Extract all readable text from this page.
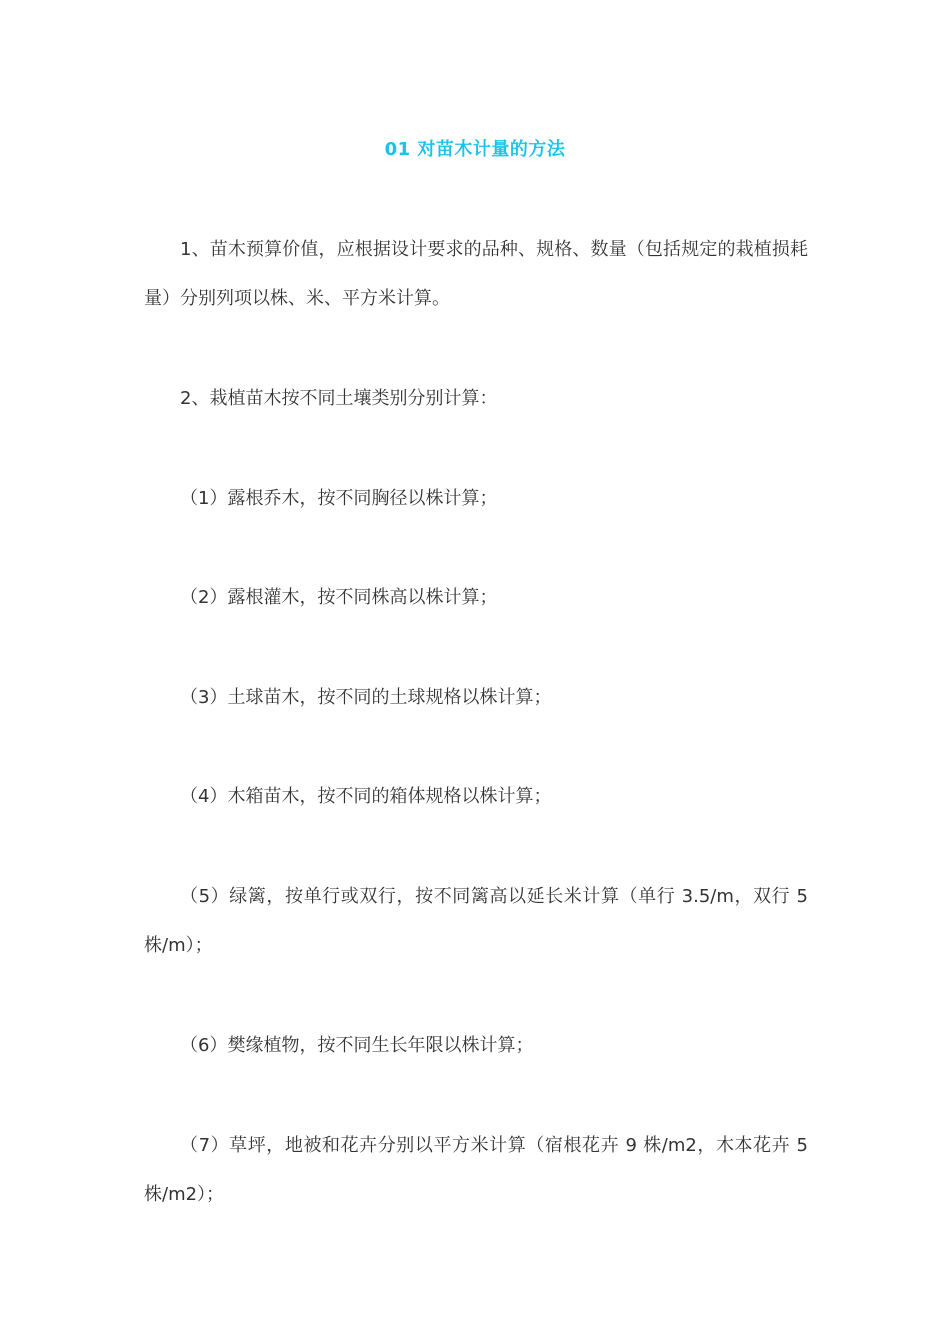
01 对苗木计量的方法

1、苗木预算价值，应根据设计要求的品种、规格、数量（包括规定的栽植损耗量）分别列项以株、米、平方米计算。

2、栽植苗木按不同土壤类别分别计算：

（1）露根乔木，按不同胸径以株计算；

（2）露根灌木，按不同株高以株计算；

（3）土球苗木，按不同的土球规格以株计算；

（4）木箱苗木，按不同的箱体规格以株计算；

（5）绿篱，按单行或双行，按不同篱高以延长米计算（单行 3.5/m，双行 5 株/m）；

（6）樊缘植物，按不同生长年限以株计算；

（7）草坪，地被和花卉分别以平方米计算（宿根花卉 9 株/m2，木本花卉 5 株/m2）；
